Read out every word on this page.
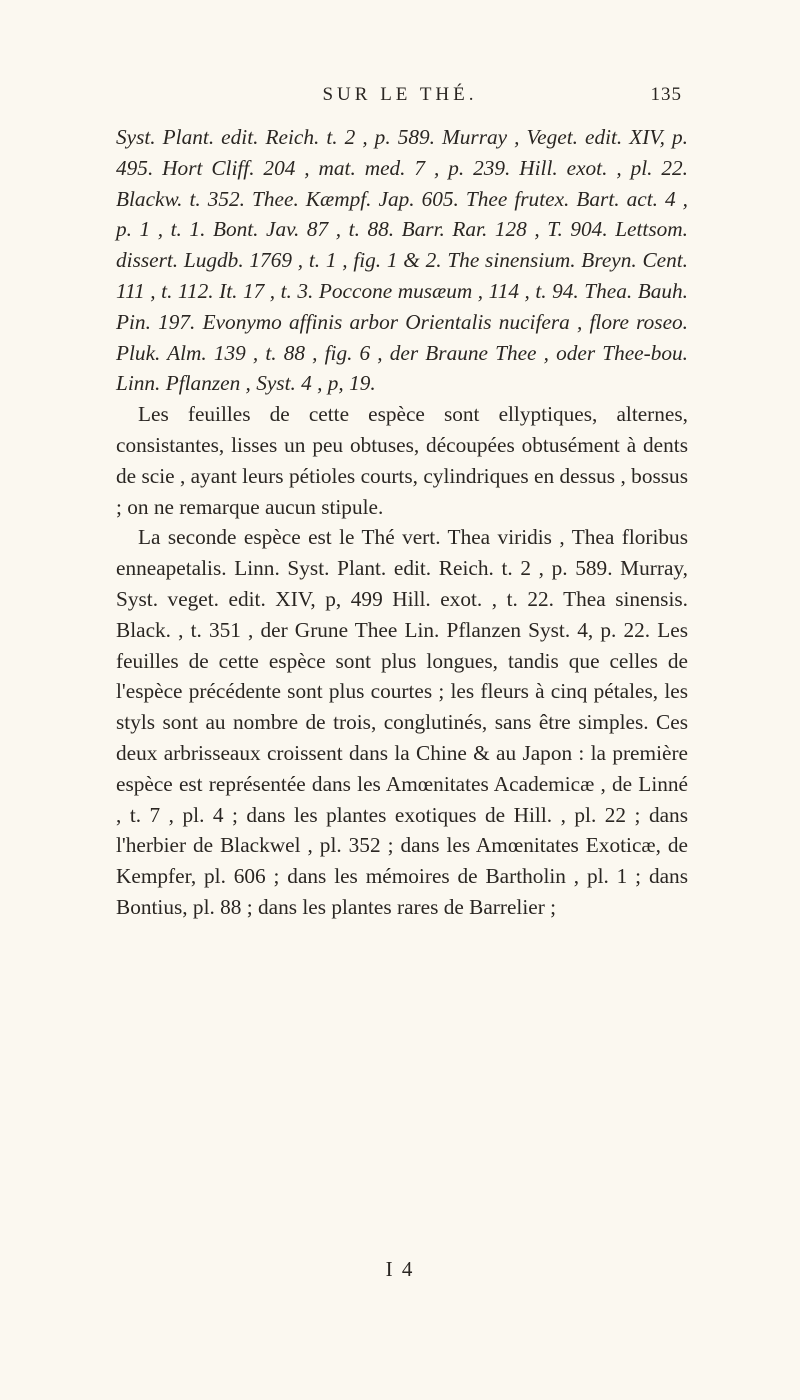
SUR LE THÉ.	135

Syst. Plant. edit. Reich. t. 2 , p. 589. Murray , Veget. edit. XIV, p. 495. Hort Cliff. 204 , mat. med. 7 , p. 239. Hill. exot. , pl. 22. Blackw. t. 352. Thee. Kæmpf. Jap. 605. Thee frutex. Bart. act. 4 , p. 1 , t. 1. Bont. Jav. 87 , t. 88. Barr. Rar. 128 , T. 904. Lettsom. dissert. Lugdb. 1769 , t. 1 , fig. 1 & 2. The sinensium. Breyn. Cent. 111 , t. 112. It. 17 , t. 3. Poccone musæum , 114 , t. 94. Thea. Bauh. Pin. 197. Evonymo affinis arbor Orientalis nucifera , flore roseo. Pluk. Alm. 139 , t. 88 , fig. 6 , der Braune Thee , oder Thee-bou. Linn. Pflanzen , Syst. 4 , p, 19.

Les feuilles de cette espèce sont ellyptiques, alternes, consistantes, lisses un peu obtuses, découpées obtusément à dents de scie , ayant leurs pétioles courts, cylindriques en dessus , bossus ; on ne remarque aucun stipule.

La seconde espèce est le Thé vert. Thea viridis , Thea floribus enneapetalis. Linn. Syst. Plant. edit. Reich. t. 2 , p. 589. Murray, Syst. veget. edit. XIV, p, 499 Hill. exot. , t. 22. Thea sinensis. Black. , t. 351 , der Grune Thee Lin. Pflanzen Syst. 4, p. 22. Les feuilles de cette espèce sont plus longues, tandis que celles de l'espèce précédente sont plus courtes ; les fleurs à cinq pétales, les styls sont au nombre de trois, conglutinés, sans être simples. Ces deux arbrisseaux croissent dans la Chine & au Japon : la première espèce est représentée dans les Amœnitates Academicæ , de Linné , t. 7 , pl. 4 ; dans les plantes exotiques de Hill. , pl. 22 ; dans l'herbier de Blackwel , pl. 352 ; dans les Amœnitates Exoticæ, de Kempfer, pl. 606 ; dans les mémoires de Bartholin , pl. 1 ; dans Bontius, pl. 88 ; dans les plantes rares de Barrelier ;

I 4
